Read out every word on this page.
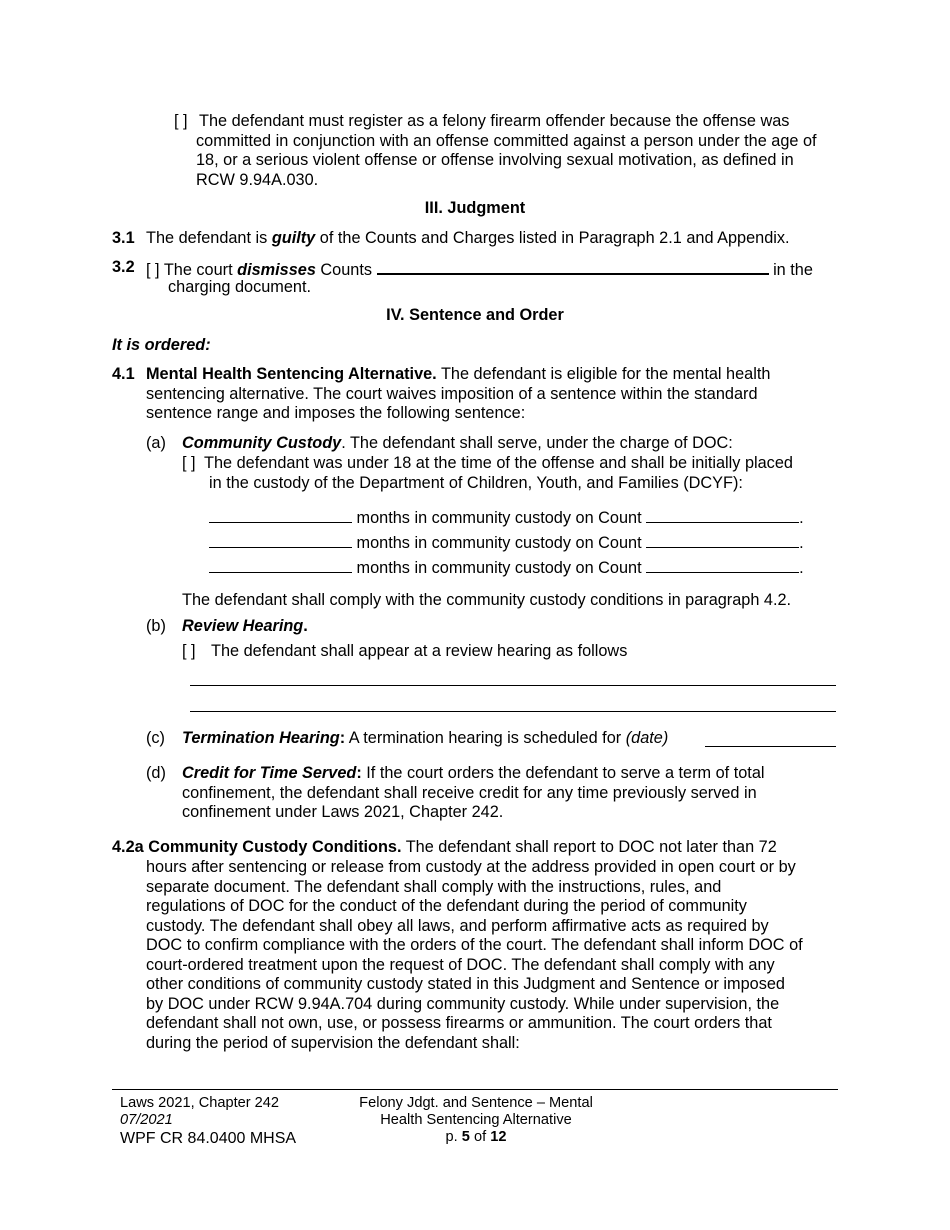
[ ] The defendant must register as a felony firearm offender because the offense was committed in conjunction with an offense committed against a person under the age of 18, or a serious violent offense or offense involving sexual motivation, as defined in RCW 9.94A.030.
III. Judgment
3.1 The defendant is guilty of the Counts and Charges listed in Paragraph 2.1 and Appendix.
3.2 [ ] The court dismisses Counts	in the
charging document.
IV. Sentence and Order
It is ordered:
4.1 Mental Health Sentencing Alternative. The defendant is eligible for the mental health
sentencing alternative. The court waives imposition of a sentence within the standard
sentence range and imposes the following sentence:
(a) Community Custody. The defendant shall serve, under the charge of DOC:
[ ] The defendant was under 18 at the time of the offense and shall be initially placed
in the custody of the Department of Children, Youth, and Families (DCYF):
months in community custody on Count	.
months in community custody on Count	.
months in community custody on Count	.
The defendant shall comply with the community custody conditions in paragraph 4.2.
(b) Review Hearing.
[ ] The defendant shall appear at a review hearing as follows
(c) Termination Hearing: A termination hearing is scheduled for (date)
(d) Credit for Time Served: If the court orders the defendant to serve a term of total
confinement, the defendant shall receive credit for any time previously served in
confinement under Laws 2021, Chapter 242.
4.2a Community Custody Conditions. The defendant shall report to DOC not later than 72
hours after sentencing or release from custody at the address provided in open court or by
separate document. The defendant shall comply with the instructions, rules, and
regulations of DOC for the conduct of the defendant during the period of community
custody. The defendant shall obey all laws, and perform affirmative acts as required by
DOC to confirm compliance with the orders of the court. The defendant shall inform DOC of
court-ordered treatment upon the request of DOC. The defendant shall comply with any
other conditions of community custody stated in this Judgment and Sentence or imposed
by DOC under RCW 9.94A.704 during community custody. While under supervision, the
defendant shall not own, use, or possess firearms or ammunition. The court orders that
during the period of supervision the defendant shall:
Laws 2021, Chapter 242
07/2021
WPF CR 84.0400 MHSA
Felony Jdgt. and Sentence – Mental
Health Sentencing Alternative
p. 5 of 12
